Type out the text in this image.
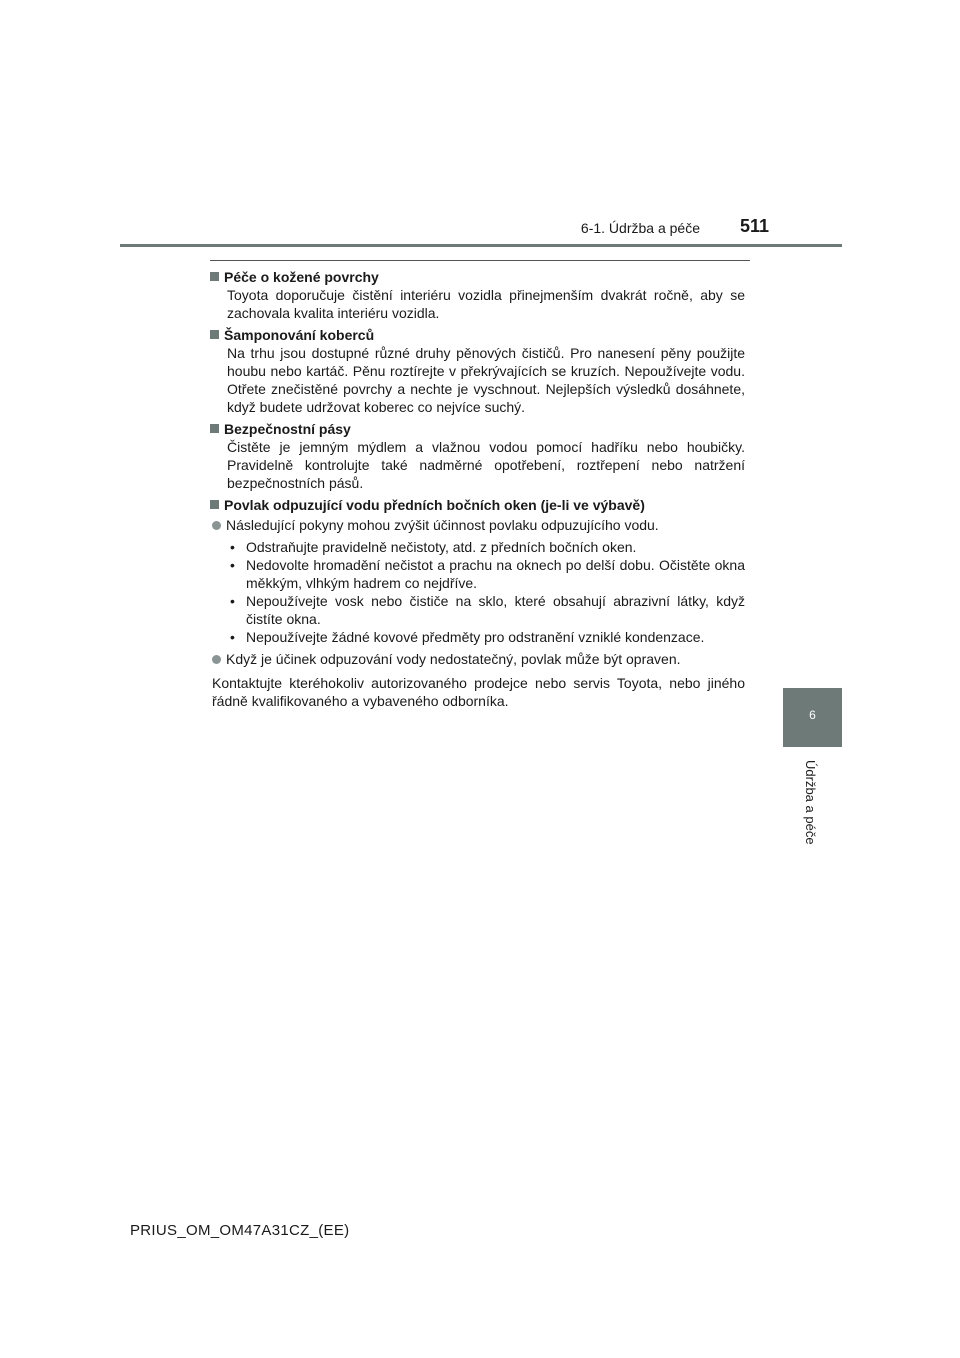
6-1. Údržba a péče 511
6
Údržba a péče
Péče o kožené povrchy
Toyota doporučuje čistění interiéru vozidla přinejmenším dvakrát ročně, aby se zachovala kvalita interiéru vozidla.
Šamponování koberců
Na trhu jsou dostupné různé druhy pěnových čističů. Pro nanesení pěny použijte houbu nebo kartáč. Pěnu roztírejte v překrývajících se kruzích. Nepoužívejte vodu. Otřete znečistěné povrchy a nechte je vyschnout. Nejlepších výsledků dosáhnete, když budete udržovat koberec co nejvíce suchý.
Bezpečnostní pásy
Čistěte je jemným mýdlem a vlažnou vodou pomocí hadříku nebo houbičky. Pravidelně kontrolujte také nadměrné opotřebení, roztřepení nebo natržení bezpečnostních pásů.
Povlak odpuzující vodu předních bočních oken (je-li ve výbavě)
Následující pokyny mohou zvýšit účinnost povlaku odpuzujícího vodu.
• Odstraňujte pravidelně nečistoty, atd. z předních bočních oken.
• Nedovolte hromadění nečistot a prachu na oknech po delší dobu. Očistěte okna měkkým, vlhkým hadrem co nejdříve.
• Nepoužívejte vosk nebo čističe na sklo, které obsahují abrazivní látky, když čistíte okna.
• Nepoužívejte žádné kovové předměty pro odstranění vzniklé kondenzace.
Když je účinek odpuzování vody nedostatečný, povlak může být opraven.
Kontaktujte kteréhokoliv autorizovaného prodejce nebo servis Toyota, nebo jiného řádně kvalifikovaného a vybaveného odborníka.
PRIUS_OM_OM47A31CZ_(EE)
